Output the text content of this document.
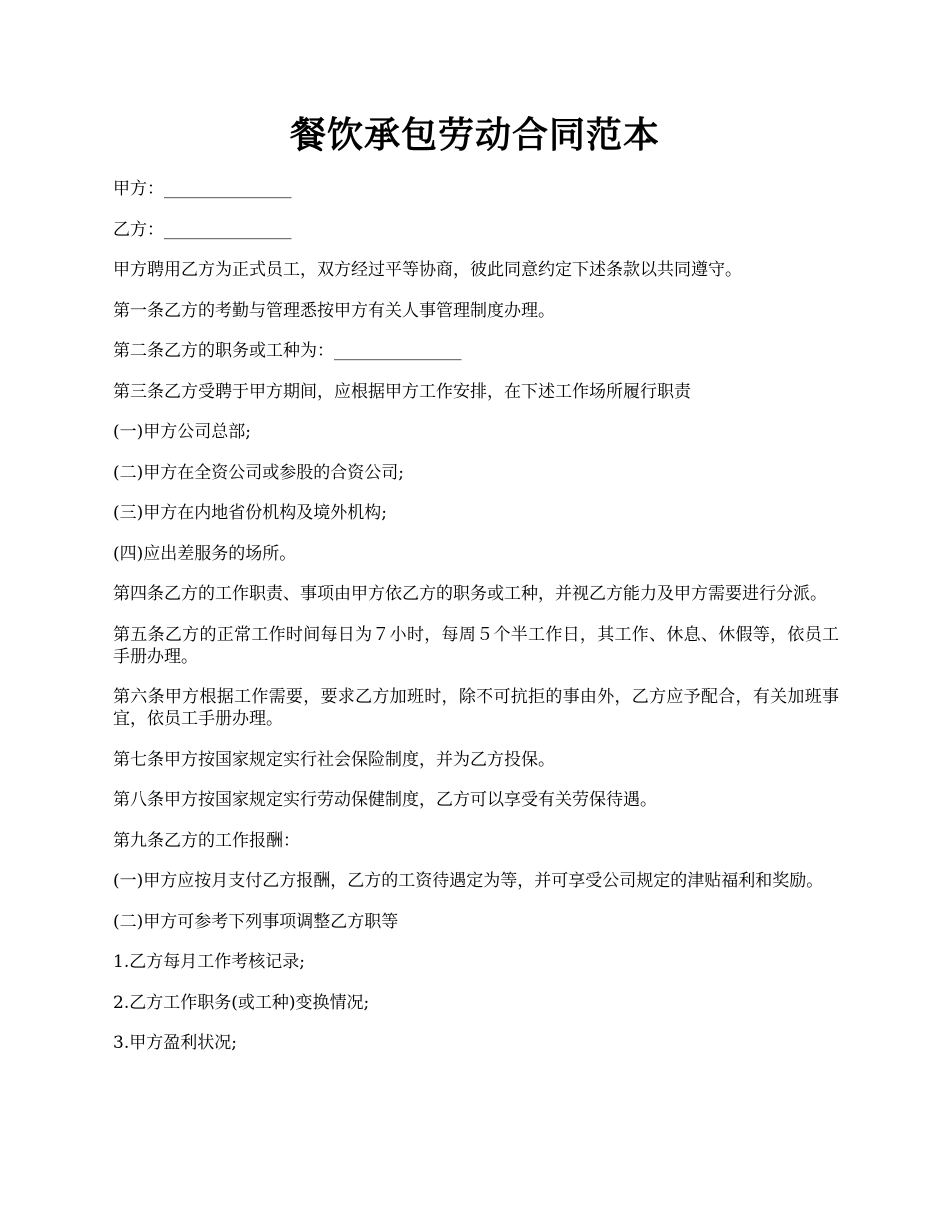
餐饮承包劳动合同范本

甲方：_______________

乙方：_______________

甲方聘用乙方为正式员工，双方经过平等协商，彼此同意约定下述条款以共同遵守。

第一条乙方的考勤与管理悉按甲方有关人事管理制度办理。

第二条乙方的职务或工种为：_______________

第三条乙方受聘于甲方期间，应根据甲方工作安排，在下述工作场所履行职责

(一)甲方公司总部;

(二)甲方在全资公司或参股的合资公司;

(三)甲方在内地省份机构及境外机构;

(四)应出差服务的场所。

第四条乙方的工作职责、事项由甲方依乙方的职务或工种，并视乙方能力及甲方需要进行分派。

第五条乙方的正常工作时间每日为７小时，每周５个半工作日，其工作、休息、休假等，依员工手册办理。

第六条甲方根据工作需要，要求乙方加班时，除不可抗拒的事由外，乙方应予配合，有关加班事宜，依员工手册办理。

第七条甲方按国家规定实行社会保险制度，并为乙方投保。

第八条甲方按国家规定实行劳动保健制度，乙方可以享受有关劳保待遇。

第九条乙方的工作报酬：

(一)甲方应按月支付乙方报酬，乙方的工资待遇定为等，并可享受公司规定的津贴福利和奖励。

(二)甲方可参考下列事项调整乙方职等

1.乙方每月工作考核记录;

2.乙方工作职务(或工种)变换情况;

3.甲方盈利状况;
